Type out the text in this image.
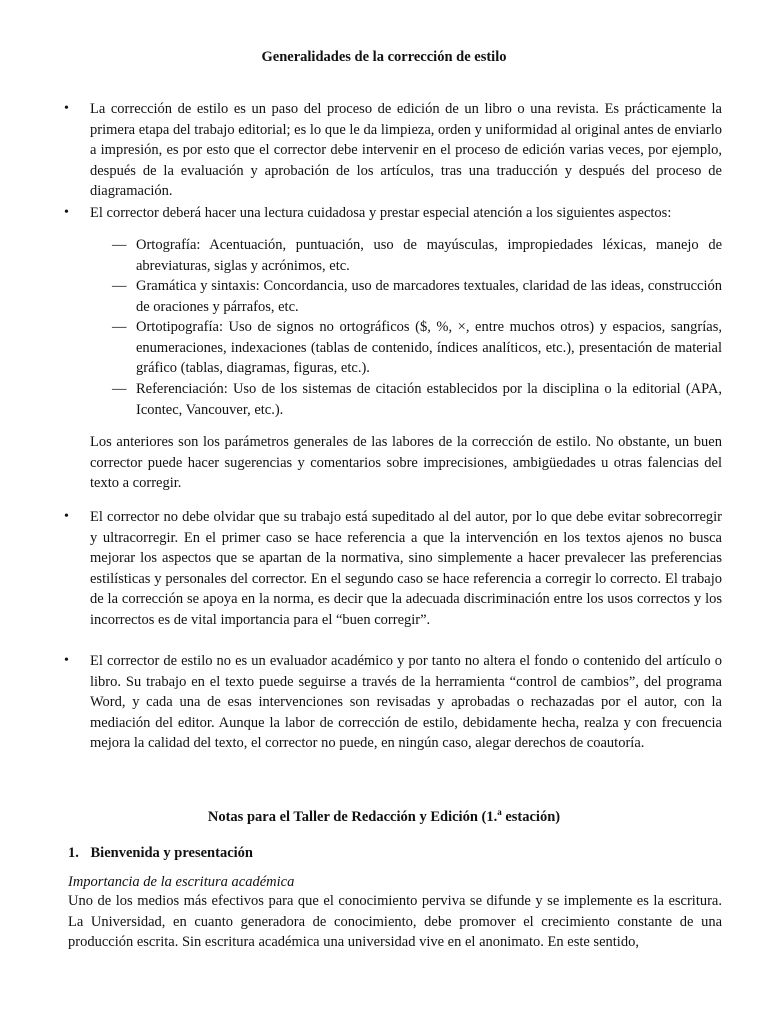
Generalidades de la corrección de estilo
• La corrección de estilo es un paso del proceso de edición de un libro o una revista. Es prácticamente la primera etapa del trabajo editorial; es lo que le da limpieza, orden y uniformidad al original antes de enviarlo a impresión, es por esto que el corrector debe intervenir en el proceso de edición varias veces, por ejemplo, después de la evaluación y aprobación de los artículos, tras una traducción y después del proceso de diagramación.

• El corrector deberá hacer una lectura cuidadosa y prestar especial atención a los siguientes aspectos:

— Ortografía: Acentuación, puntuación, uso de mayúsculas, impropiedades léxicas, manejo de abreviaturas, siglas y acrónimos, etc.

— Gramática y sintaxis: Concordancia, uso de marcadores textuales, claridad de las ideas, construcción de oraciones y párrafos, etc.

— Ortotipografía: Uso de signos no ortográficos ($, %, ×, entre muchos otros) y espacios, sangrías, enumeraciones, indexaciones (tablas de contenido, índices analíticos, etc.), presentación de material gráfico (tablas, diagramas, figuras, etc.).

— Referenciación: Uso de los sistemas de citación establecidos por la disciplina o la editorial (APA, Icontec, Vancouver, etc.).

Los anteriores son los parámetros generales de las labores de la corrección de estilo. No obstante, un buen corrector puede hacer sugerencias y comentarios sobre imprecisiones, ambigüedades u otras falencias del texto a corregir.

• El corrector no debe olvidar que su trabajo está supeditado al del autor, por lo que debe evitar sobrecorregir y ultracorregir. En el primer caso se hace referencia a que la intervención en los textos ajenos no busca mejorar los aspectos que se apartan de la normativa, sino simplemente a hacer prevalecer las preferencias estilísticas y personales del corrector. En el segundo caso se hace referencia a corregir lo correcto. El trabajo de la corrección se apoya en la norma, es decir que la adecuada discriminación entre los usos correctos y los incorrectos es de vital importancia para el “buen corregir”.

• El corrector de estilo no es un evaluador académico y por tanto no altera el fondo o contenido del artículo o libro. Su trabajo en el texto puede seguirse a través de la herramienta “control de cambios”, del programa Word, y cada una de esas intervenciones son revisadas y aprobadas o rechazadas por el autor, con la mediación del editor. Aunque la labor de corrección de estilo, debidamente hecha, realza y con frecuencia mejora la calidad del texto, el corrector no puede, en ningún caso, alegar derechos de coautoría.

Notas para el Taller de Redacción y Edición (1.$^a$ estación)
1. Bienvenida y presentación

Importancia de la escritura académica

Uno de los medios más efectivos para que el conocimiento perviva se difunde y se implemente es la escritura. La Universidad, en cuanto generadora de conocimiento, debe promover el crecimiento constante de una producción escrita. Sin escritura académica una universidad vive en el anonimato. En este sentido,
